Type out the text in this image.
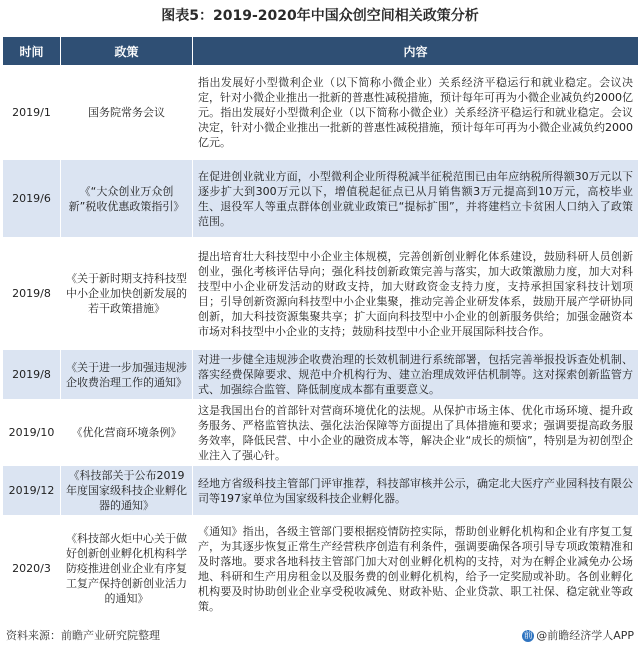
图表5：2019-2020年中国众创空间相关政策分析
时间	政策	内容
2019/1	国务院常务会议	指出发展好小型微利企业（以下简称小微企业）关系经济平稳运行和就业稳定。会议决定，针对小微企业推出一批新的普惠性减税措施，预计每年可再为小微企业减负约2000亿元。指出发展好小型微利企业（以下简称小微企业）关系经济平稳运行和就业稳定。会议决定，针对小微企业推出一批新的普惠性减税措施，预计每年可再为小微企业减负约2000亿元。
2019/6	《“大众创业万众创新”税收优惠政策指引》	在促进创业就业方面，小型微利企业所得税减半征税范围已由年应纳税所得额30万元以下逐步扩大到300万元以下，增值税起征点已从月销售额3万元提高到10万元，高校毕业生、退役军人等重点群体创业就业政策已“提标扩围”，并将建档立卡贫困人口纳入了政策范围。
2019/8	《关于新时期支持科技型中小企业加快创新发展的若干政策措施》	提出培育壮大科技型中小企业主体规模，完善创新创业孵化体系建设，鼓励科研人员创新创业，强化考核评估导向；强化科技创新政策完善与落实，加大政策激励力度，加大对科技型中小企业研发活动的财政支持，加大财政资金支持力度，支持承担国家科技计划项目；引导创新资源向科技型中小企业集聚，推动完善企业研发体系，鼓励开展产学研协同创新，加大科技资源集聚共享；扩大面向科技型中小企业的创新服务供给；加强金融资本市场对科技型中小企业的支持；鼓励科技型中小企业开展国际科技合作。
2019/8	《关于进一步加强违规涉企收费治理工作的通知》	对进一步健全违规涉企收费治理的长效机制进行系统部署，包括完善举报投诉查处机制、落实经费保障要求、规范中介机构行为、建立治理成效评估机制等。这对探索创新监管方式、加强综合监管、降低制度成本都有重要意义。
2019/10	《优化营商环境条例》	这是我国出台的首部针对营商环境优化的法规。从保护市场主体、优化市场环境、提升政务服务、严格监管执法、强化法治保障等方面提出了具体措施和要求；强调要提高政务服务效率，降低民营、中小企业的融资成本等，解决企业“成长的烦恼”，特别是为初创型企业注入了强心针。
2019/12	《科技部关于公布2019年度国家级科技企业孵化器的通知》	经地方省级科技主管部门评审推荐，科技部审核并公示，确定北大医疗产业园科技有限公司等197家单位为国家级科技企业孵化器。
2020/3	《科技部火炬中心关于做好创新创业孵化机构科学防疫推进创业企业有序复工复产保持创新创业活力的通知》	《通知》指出，各级主管部门要根据疫情防控实际，帮助创业孵化机构和企业有序复工复产，为其逐步恢复正常生产经营秩序创造有利条件，强调要确保各项引导专项政策精准和及时落地。要求各地科技主管部门加大对创业孵化机构的支持，对为在孵企业减免办公场地、科研和生产用房租金以及服务费的创业孵化机构，给予一定奖励或补助。各创业孵化机构要及时协助创业企业享受税收减免、财政补贴、企业贷款、职工社保、稳定就业等政策。
资料来源：前瞻产业研究院整理	前 @前瞻经济学人APP
